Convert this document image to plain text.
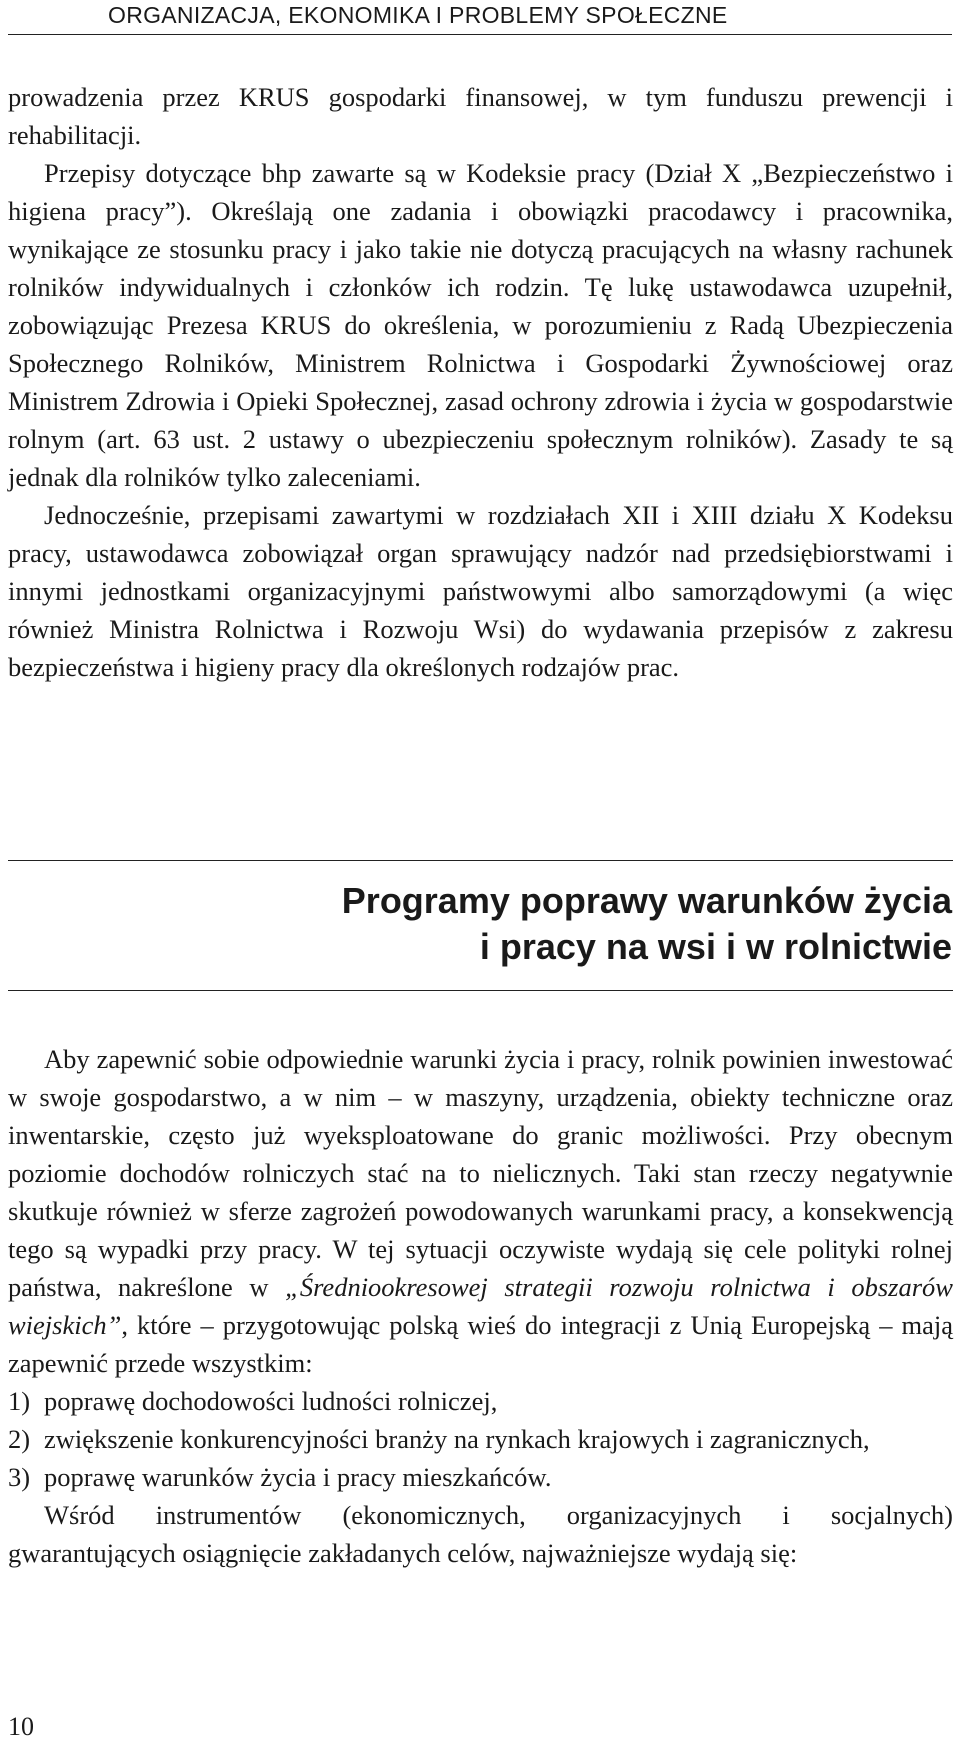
ORGANIZACJA, EKONOMIKA I PROBLEMY SPOŁECZNE

prowadzenia przez KRUS gospodarki finansowej, w tym funduszu prewencji i rehabilitacji.

Przepisy dotyczące bhp zawarte są w Kodeksie pracy (Dział X „Bezpieczeństwo i higiena pracy”). Określają one zadania i obowiązki pracodawcy i pracownika, wynikające ze stosunku pracy i jako takie nie dotyczą pracujących na własny rachunek rolników indywidualnych i członków ich rodzin. Tę lukę ustawodawca uzupełnił, zobowiązując Prezesa KRUS do określenia, w porozumieniu z Radą Ubezpieczenia Społecznego Rolników, Ministrem Rolnictwa i Gospodarki Żywnościowej oraz Ministrem Zdrowia i Opieki Społecznej, zasad ochrony zdrowia i życia w gospodarstwie rolnym (art. 63 ust. 2 ustawy o ubezpieczeniu społecznym rolników). Zasady te są jednak dla rolników tylko zaleceniami.

Jednocześnie, przepisami zawartymi w rozdziałach XII i XIII działu X Kodeksu pracy, ustawodawca zobowiązał organ sprawujący nadzór nad przedsiębiorstwami i innymi jednostkami organizacyjnymi państwowymi albo samorządowymi (a więc również Ministra Rolnictwa i Rozwoju Wsi) do wydawania przepisów z zakresu bezpieczeństwa i higieny pracy dla określonych rodzajów prac.

Programy poprawy warunków życia
i pracy na wsi i w rolnictwie

Aby zapewnić sobie odpowiednie warunki życia i pracy, rolnik powinien inwestować w swoje gospodarstwo, a w nim – w maszyny, urządzenia, obiekty techniczne oraz inwentarskie, często już wyeksploatowane do granic możliwości. Przy obecnym poziomie dochodów rolniczych stać na to nielicznych. Taki stan rzeczy negatywnie skutkuje również w sferze zagrożeń powodowanych warunkami pracy, a konsekwencją tego są wypadki przy pracy. W tej sytuacji oczywiste wydają się cele polityki rolnej państwa, nakreślone w „Średniookresowej strategii rozwoju rolnictwa i obszarów wiejskich”, które – przygotowując polską wieś do integracji z Unią Europejską – mają zapewnić przede wszystkim:

1) poprawę dochodowości ludności rolniczej,
2) zwiększenie konkurencyjności branży na rynkach krajowych i zagranicznych,
3) poprawę warunków życia i pracy mieszkańców.

Wśród instrumentów (ekonomicznych, organizacyjnych i socjalnych) gwarantujących osiągnięcie zakładanych celów, najważniejsze wydają się:

10
